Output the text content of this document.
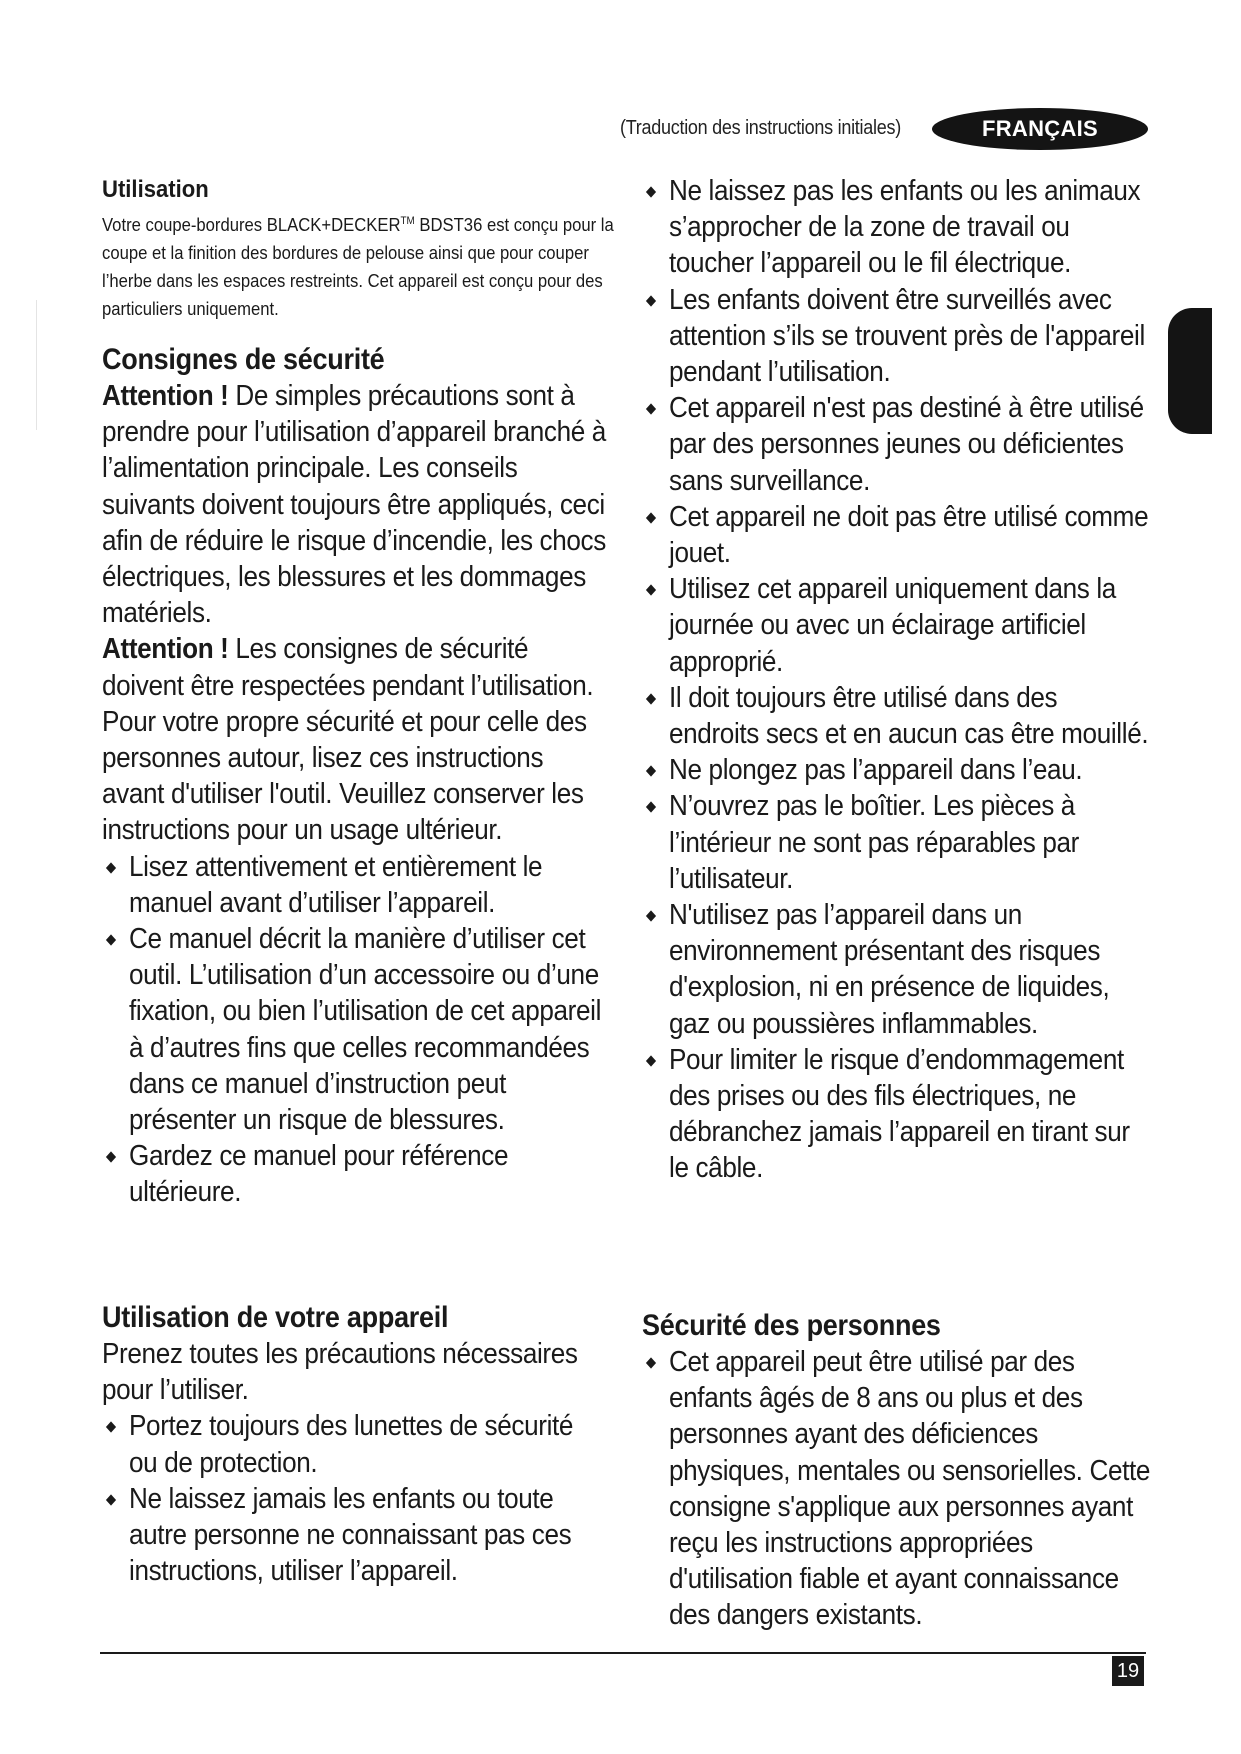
(Traduction des instructions initiales)	FRANÇAIS
Utilisation

Votre coupe-bordures BLACK+DECKER™ BDST36 est conçu pour la coupe et la finition des bordures de pelouse ainsi que pour couper l’herbe dans les espaces restreints. Cet appareil est conçu pour des particuliers uniquement.

Consignes de sécurité

Attention ! De simples précautions sont à prendre pour l’utilisation d’appareil branché à l’alimentation principale. Les conseils suivants doivent toujours être appliqués, ceci afin de réduire le risque d’incendie, les chocs électriques, les blessures et les dommages matériels.

Attention ! Les consignes de sécurité doivent être respectées pendant l’utilisation. Pour votre propre sécurité et pour celle des personnes autour, lisez ces instructions avant d'utiliser l'outil. Veuillez conserver les instructions pour un usage ultérieur.

Lisez attentivement et entièrement le manuel avant d’utiliser l’appareil.
Ce manuel décrit la manière d’utiliser cet outil. L’utilisation d’un accessoire ou d’une fixation, ou bien l’utilisation de cet appareil à d’autres fins que celles recommandées dans ce manuel d’instruction peut présenter un risque de blessures.
Gardez ce manuel pour référence ultérieure.
Utilisation de votre appareil

Prenez toutes les précautions nécessaires pour l’utiliser.

Portez toujours des lunettes de sécurité ou de protection.
Ne laissez jamais les enfants ou toute autre personne ne connaissant pas ces instructions, utiliser l’appareil.
Ne laissez pas les enfants ou les animaux s’approcher de la zone de travail ou toucher l’appareil ou le fil électrique.
Les enfants doivent être surveillés avec attention s’ils se trouvent près de l'appareil pendant l’utilisation.
Cet appareil n'est pas destiné à être utilisé par des personnes jeunes ou déficientes sans surveillance.
Cet appareil ne doit pas être utilisé comme jouet.
Utilisez cet appareil uniquement dans la journée ou avec un éclairage artificiel approprié.
Il doit toujours être utilisé dans des endroits secs et en aucun cas être mouillé.
Ne plongez pas l’appareil dans l’eau.
N’ouvrez pas le boîtier. Les pièces à l’intérieur ne sont pas réparables par l’utilisateur.
N'utilisez pas l’appareil dans un environnement présentant des risques d'explosion, ni en présence de liquides, gaz ou poussières inflammables.
Pour limiter le risque d’endommagement des prises ou des fils électriques, ne débranchez jamais l’appareil en tirant sur le câble.
Sécurité des personnes
Cet appareil peut être utilisé par des enfants âgés de 8 ans ou plus et des personnes ayant des déficiences physiques, mentales ou sensorielles. Cette consigne s'applique aux personnes ayant reçu les instructions appropriées d'utilisation fiable et ayant connaissance des dangers existants.
19
